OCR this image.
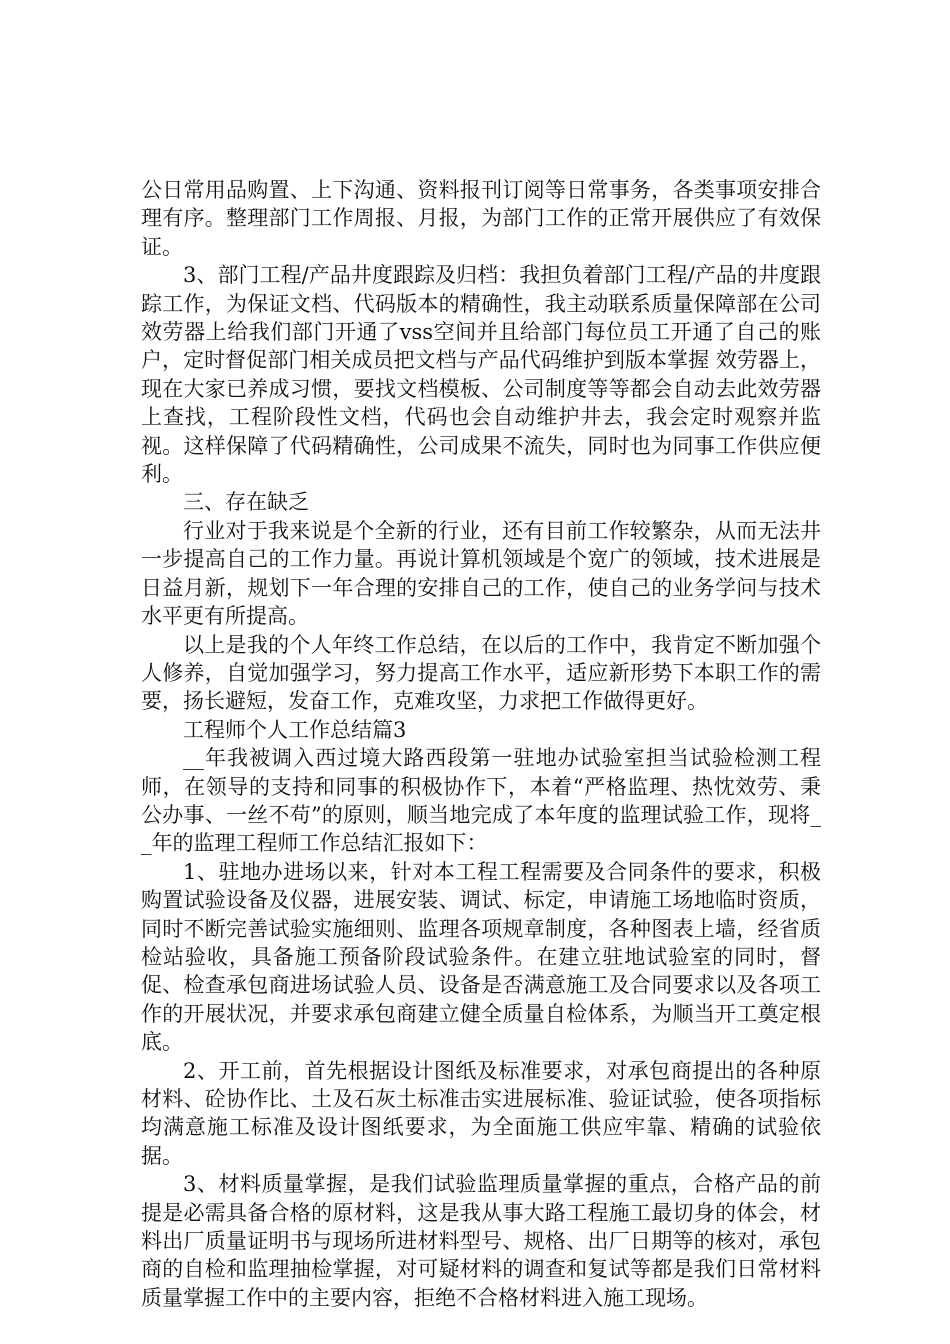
公日常用品购置、上下沟通、资料报刊订阅等日常事务，各类事项安排合理有序。整理部门工作周报、月报，为部门工作的正常开展供应了有效保证。

3、部门工程/产品井度跟踪及归档：我担负着部门工程/产品的井度跟踪工作，为保证文档、代码版本的精确性，我主动联系质量保障部在公司效劳器上给我们部门开通了vss空间并且给部门每位员工开通了自己的账户，定时督促部门相关成员把文档与产品代码维护到版本掌握 效劳器上，现在大家已养成习惯，要找文档模板、公司制度等等都会自动去此效劳器上查找，工程阶段性文档，代码也会自动维护井去，我会定时观察并监视。这样保障了代码精确性，公司成果不流失，同时也为同事工作供应便利。

三、存在缺乏

行业对于我来说是个全新的行业，还有目前工作较繁杂，从而无法井一步提高自己的工作力量。再说计算机领域是个宽广的领域，技术进展是日益月新，规划下一年合理的安排自己的工作，使自己的业务学问与技术水平更有所提高。

以上是我的个人年终工作总结，在以后的工作中，我肯定不断加强个人修养，自觉加强学习，努力提高工作水平，适应新形势下本职工作的需要，扬长避短，发奋工作，克难攻坚，力求把工作做得更好。

工程师个人工作总结篇3

__年我被调入西过境大路西段第一驻地办试验室担当试验检测工程师，在领导的支持和同事的积极协作下，本着“严格监理、热忱效劳、秉公办事、一丝不苟”的原则，顺当地完成了本年度的监理试验工作，现将__年的监理工程师工作总结汇报如下：

1、驻地办进场以来，针对本工程工程需要及合同条件的要求，积极购置试验设备及仪器，进展安装、调试、标定，申请施工场地临时资质，同时不断完善试验实施细则、监理各项规章制度，各种图表上墙，经省质检站验收，具备施工预备阶段试验条件。在建立驻地试验室的同时，督促、检查承包商进场试验人员、设备是否满意施工及合同要求以及各项工作的开展状况，并要求承包商建立健全质量自检体系，为顺当开工奠定根底。

2、开工前，首先根据设计图纸及标准要求，对承包商提出的各种原材料、砼协作比、土及石灰土标准击实进展标准、验证试验，使各项指标均满意施工标准及设计图纸要求，为全面施工供应牢靠、精确的试验依据。

3、材料质量掌握，是我们试验监理质量掌握的重点，合格产品的前提是必需具备合格的原材料，这是我从事大路工程施工最切身的体会，材料出厂质量证明书与现场所进材料型号、规格、出厂日期等的核对，承包商的自检和监理抽检掌握，对可疑材料的调查和复试等都是我们日常材料质量掌握工作中的主要内容，拒绝不合格材料进入施工现场。
